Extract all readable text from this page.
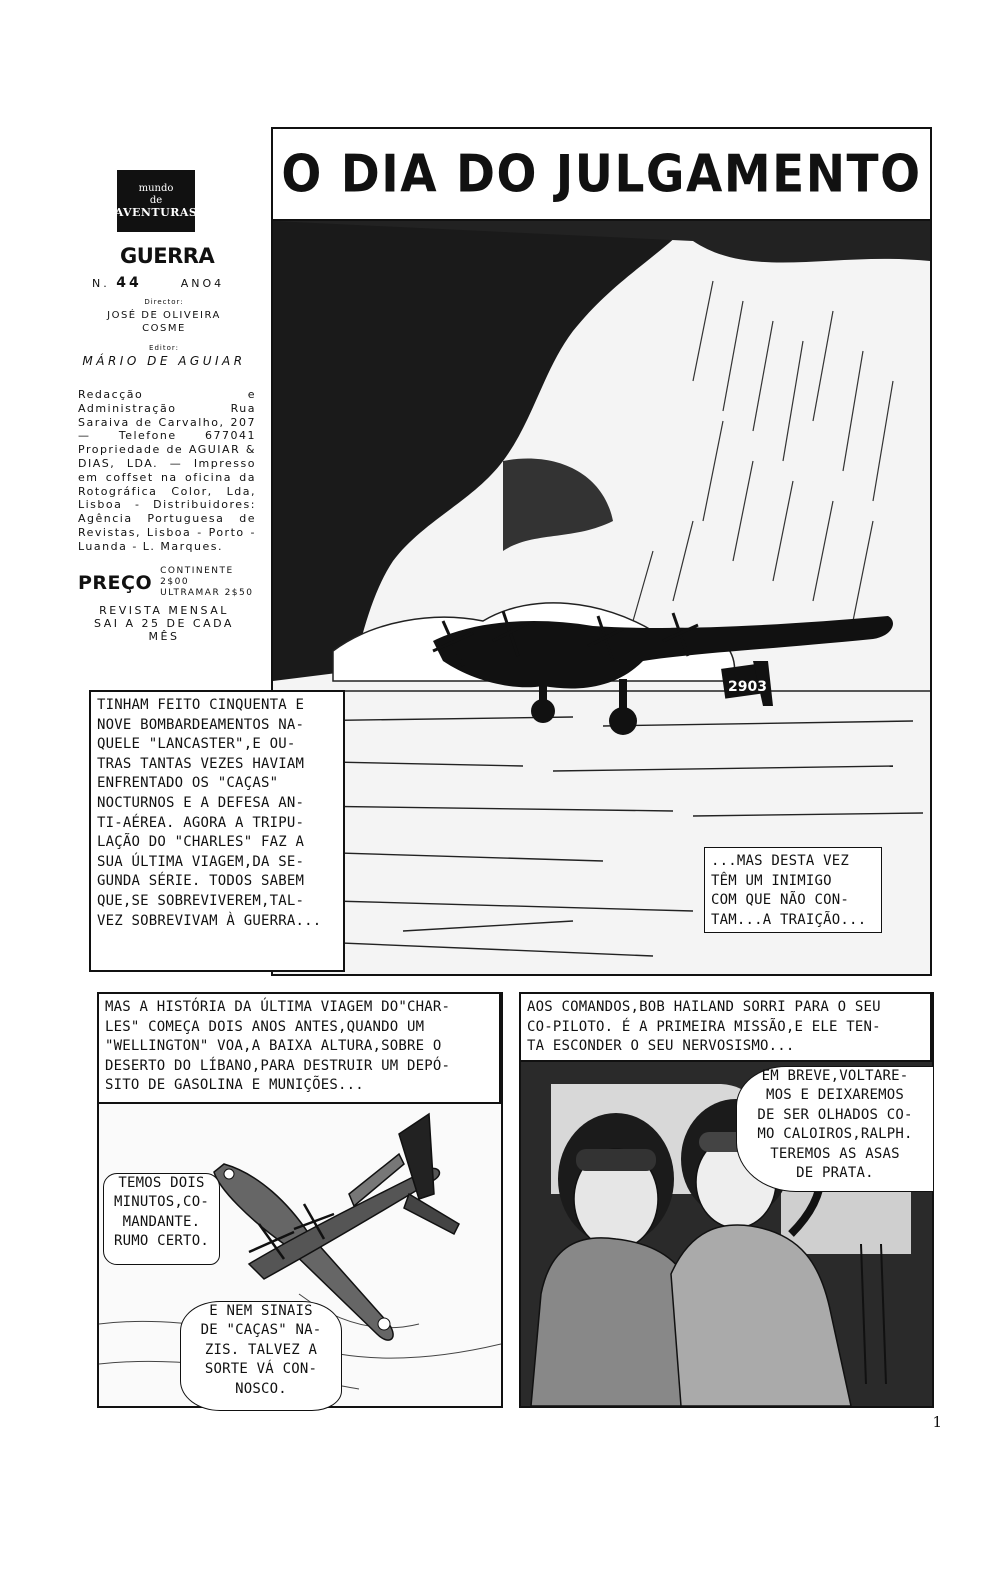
mundo
de
AVENTURAS
GUERRA
N. 44	ANO4
Director:
JOSÉ DE OLIVEIRA
COSME
Editor:
MÁRIO DE AGUIAR
Redacção e Administração Rua Saraiva de Carvalho, 207 — Telefone 677041 Propriedade de AGUIAR & DIAS, LDA. — Impresso em coffset na oficina da Rotográfica Color, Lda, Lisboa - Distribuidores: Agência Portuguesa de Revistas, Lisboa - Porto - Luanda - L. Marques.
PREÇO
CONTINENTE 2$00
ULTRAMAR 2$50
REVISTA MENSAL
SAI A 25 DE CADA
MÊS
O DIA DO JULGAMENTO
2903
TINHAM FEITO CINQUENTA E
NOVE BOMBARDEAMENTOS NA-
QUELE "LANCASTER",E OU-
TRAS TANTAS VEZES HAVIAM
ENFRENTADO OS "CAÇAS"
NOCTURNOS E A DEFESA AN-
TI-AÉREA. AGORA A TRIPU-
LAÇÃO DO "CHARLES" FAZ A
SUA ÚLTIMA VIAGEM,DA SE-
GUNDA SÉRIE. TODOS SABEM
QUE,SE SOBREVIVEREM,TAL-
VEZ SOBREVIVAM À GUERRA...
...MAS DESTA VEZ
TÊM UM INIMIGO
COM QUE NÃO CON-
TAM...A TRAIÇÃO...
MAS A HISTÓRIA DA ÚLTIMA VIAGEM DO"CHAR-
LES" COMEÇA DOIS ANOS ANTES,QUANDO UM
"WELLINGTON" VOA,A BAIXA ALTURA,SOBRE O
DESERTO DO LÍBANO,PARA DESTRUIR UM DEPÓ-
SITO DE GASOLINA E MUNIÇÕES...
TEMOS DOIS
MINUTOS,CO-
MANDANTE.
RUMO CERTO.
E NEM SINAIS
DE "CAÇAS" NA-
ZIS. TALVEZ A
SORTE VÁ CON-
NOSCO.
AOS COMANDOS,BOB HAILAND SORRI PARA O SEU
CO-PILOTO. É A PRIMEIRA MISSÃO,E ELE TEN-
TA ESCONDER O SEU NERVOSISMO...
EM BREVE,VOLTARE-
MOS E DEIXAREMOS
DE SER OLHADOS CO-
MO CALOIROS,RALPH.
TEREMOS AS ASAS
DE PRATA.
1
